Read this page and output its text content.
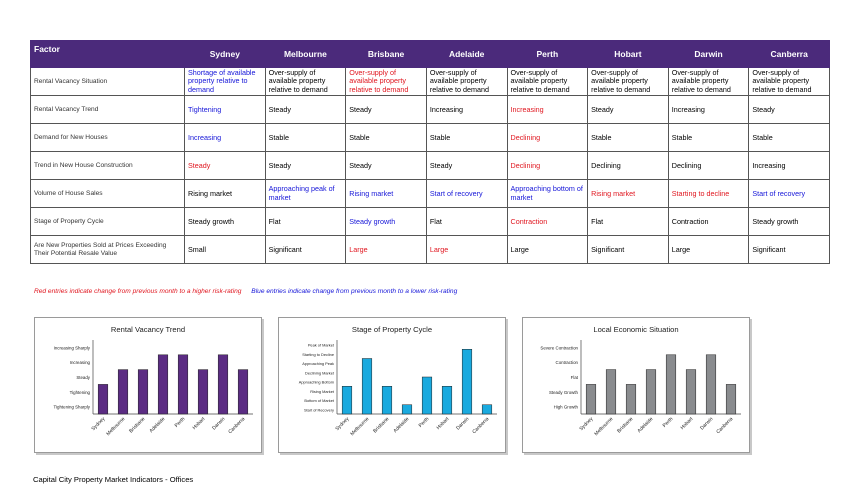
Factor	Sydney	Melbourne	Brisbane	Adelaide	Perth	Hobart	Darwin	Canberra
Rental Vacancy Situation	Shortage of available property relative to demand	Over-supply of available property relative to demand	Over-supply of available property relative to demand	Over-supply of available property relative to demand	Over-supply of available property relative to demand	Over-supply of available property relative to demand	Over-supply of available property relative to demand	Over-supply of available property relative to demand
Rental Vacancy Trend	Tightening	Steady	Steady	Increasing	Increasing	Steady	Increasing	Steady
Demand for New Houses	Increasing	Stable	Stable	Stable	Declining	Stable	Stable	Stable
Trend in New House Construction	Steady	Steady	Steady	Steady	Declining	Declining	Declining	Increasing
Volume of House Sales	Rising market	Approaching peak of market	Rising market	Start of recovery	Approaching bottom of market	Rising market	Starting to decline	Start of recovery
Stage of Property Cycle	Steady growth	Flat	Steady growth	Flat	Contraction	Flat	Contraction	Steady growth
Are New Properties Sold at Prices Exceeding Their Potential Resale Value	Small	Significant	Large	Large	Large	Significant	Large	Significant
Red entries indicate change from previous month to a higher risk-rating Blue entries indicate change from previous month to a lower risk-rating
Rental Vacancy Trend
Tightening Sharply
Tightening
Steady
Increasing
Increasing Sharply
Sydney Melbourne Brisbane Adelaide Perth Hobart Darwin Canberra
Stage of Property Cycle
Start of Recovery
Bottom of Market
Rising Market
Approaching Bottom
Declining Market
Approaching Peak
Starting to Decline
Peak of Market
Sydney Melbourne Brisbane Adelaide Perth Hobart Darwin Canberra
Local Economic Situation
High Growth
Steady Growth
Flat
Contraction
Severe Contraction
Sydney Melbourne Brisbane Adelaide Perth Hobart Darwin Canberra
Capital City Property Market Indicators - Offices
